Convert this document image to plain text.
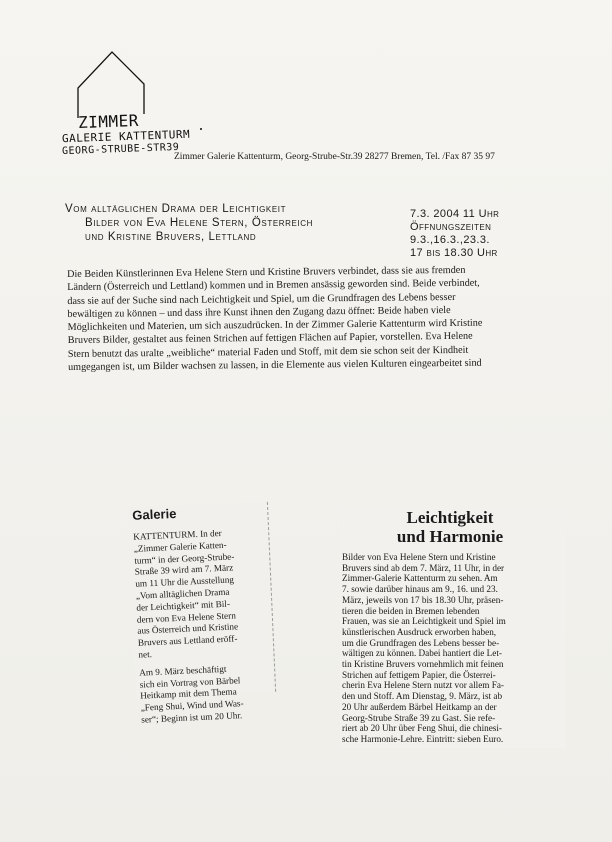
ZIMMER
GALERIE KATTENTURM
GEORG-STRUBE-STR39
Zimmer Galerie Kattenturm, Georg-Strube-Str.39 28277 Bremen, Tel. /Fax 87 35 97
Vom alltäglichen Drama der Leichtigkeit
Bilder von Eva Helene Stern, Österreich
und Kristine Bruvers, Lettland
7.3. 2004 11 Uhr
Öffnungszeiten
9.3.,16.3.,23.3.
17 bis 18.30 Uhr
Die Beiden Künstlerinnen Eva Helene Stern und Kristine Bruvers verbindet, dass sie aus fremden
Ländern (Österreich und Lettland) kommen und in Bremen ansässig geworden sind. Beide verbindet,
dass sie auf der Suche sind nach Leichtigkeit und Spiel, um die Grundfragen des Lebens besser
bewältigen zu können – und dass ihre Kunst ihnen den Zugang dazu öffnet: Beide haben viele
Möglichkeiten und Materien, um sich auszudrücken. In der Zimmer Galerie Kattenturm wird Kristine
Bruvers Bilder, gestaltet aus feinen Strichen auf fettigen Flächen auf Papier, vorstellen. Eva Helene
Stern benutzt das uralte „weibliche“ material Faden und Stoff, mit dem sie schon seit der Kindheit
umgegangen ist, um Bilder wachsen zu lassen, in die Elemente aus vielen Kulturen eingearbeitet sind
Galerie
KATTENTURM. In der
„Zimmer Galerie Katten-
turm“ in der Georg-Strube-
Straße 39 wird am 7. März
um 11 Uhr die Ausstellung
„Vom alltäglichen Drama
der Leichtigkeit“ mit Bil-
dern von Eva Helene Stern
aus Österreich und Kristine
Bruvers aus Lettland eröff-
net.
Am 9. März beschäftigt
sich ein Vortrag von Bärbel
Heitkamp mit dem Thema
„Feng Shui, Wind und Was-
ser“; Beginn ist um 20 Uhr.
Leichtigkeit
und Harmonie
Bilder von Eva Helene Stern und Kristine
Bruvers sind ab dem 7. März, 11 Uhr, in der
Zimmer-Galerie Kattenturm zu sehen. Am
7. sowie darüber hinaus am 9., 16. und 23.
März, jeweils von 17 bis 18.30 Uhr, präsen-
tieren die beiden in Bremen lebenden
Frauen, was sie an Leichtigkeit und Spiel im
künstlerischen Ausdruck erworben haben,
um die Grundfragen des Lebens besser be-
wältigen zu können. Dabei hantiert die Let-
tin Kristine Bruvers vornehmlich mit feinen
Strichen auf fettigem Papier, die Österrei-
cherin Eva Helene Stern nutzt vor allem Fa-
den und Stoff. Am Dienstag, 9. März, ist ab
20 Uhr außerdem Bärbel Heitkamp an der
Georg-Strube Straße 39 zu Gast. Sie refe-
riert ab 20 Uhr über Feng Shui, die chinesi-
sche Harmonie-Lehre. Eintritt: sieben Euro.
